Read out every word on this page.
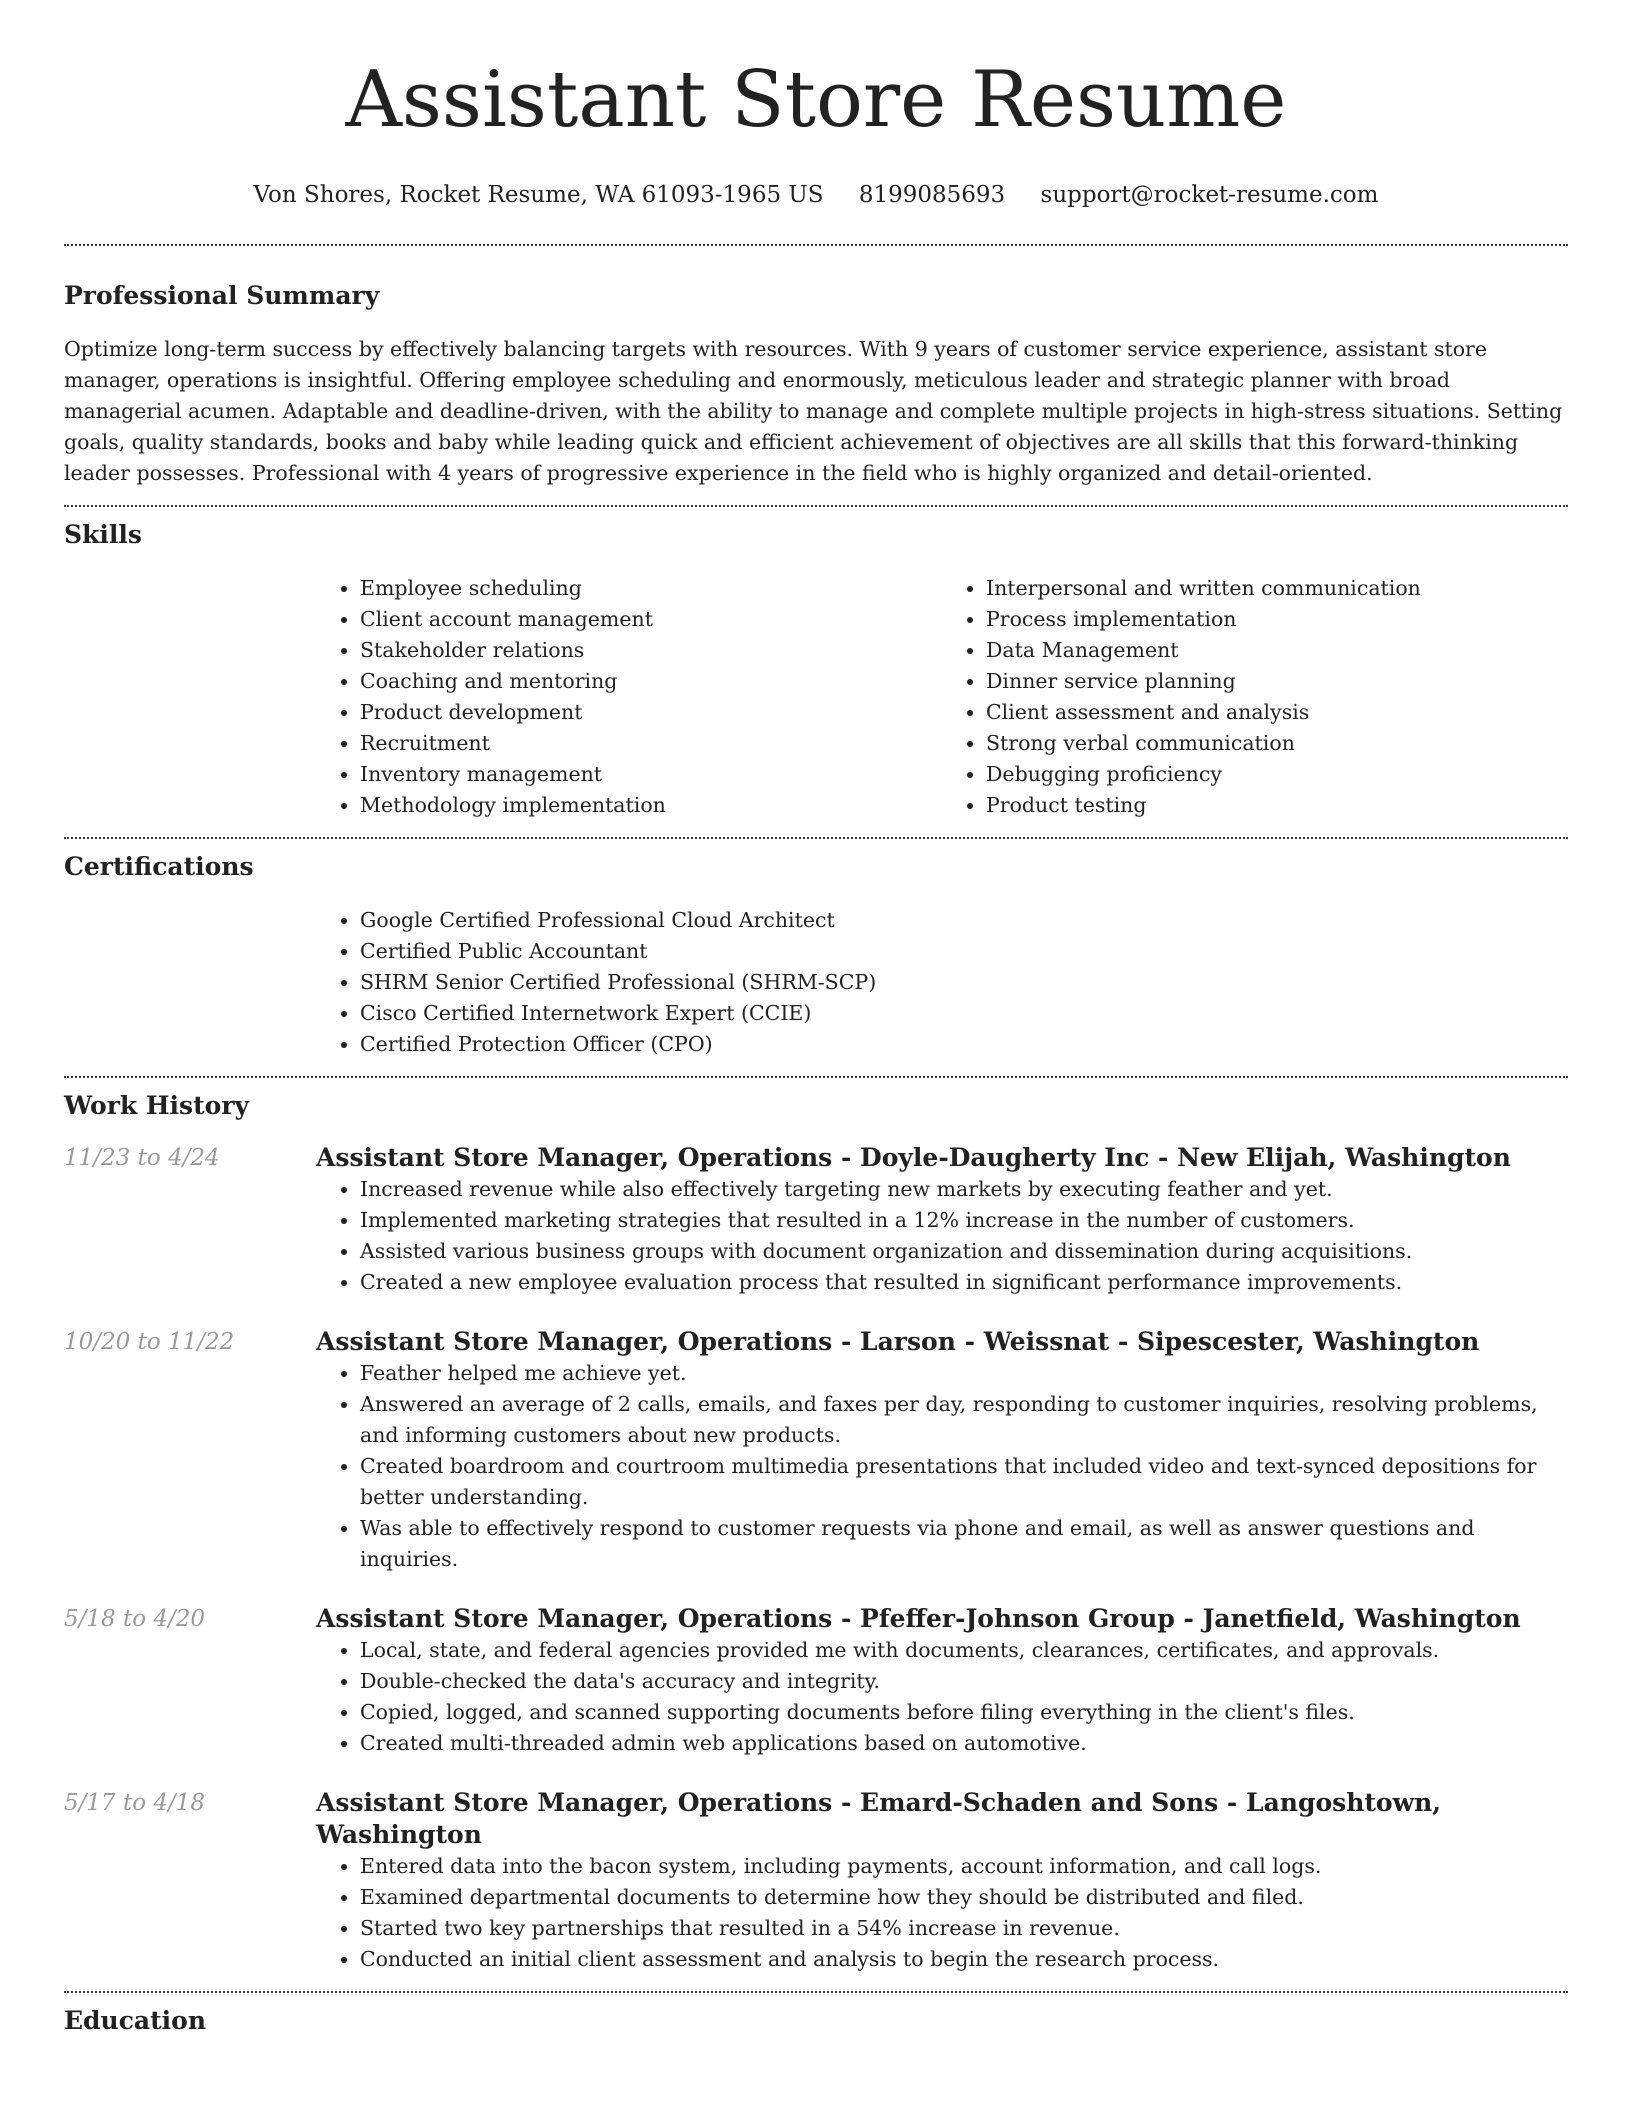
Assistant Store Resume
Von Shores, Rocket Resume, WA 61093-1965 US 8199085693 support@rocket-resume.com
Professional Summary

Optimize long-term success by effectively balancing targets with resources. With 9 years of customer service experience, assistant store manager, operations is insightful. Offering employee scheduling and enormously, meticulous leader and strategic planner with broad managerial acumen. Adaptable and deadline-driven, with the ability to manage and complete multiple projects in high-stress situations. Setting goals, quality standards, books and baby while leading quick and efficient achievement of objectives are all skills that this forward-thinking leader possesses. Professional with 4 years of progressive experience in the field who is highly organized and detail-oriented.

Skills
• Employee scheduling
• Client account management
• Stakeholder relations
• Coaching and mentoring
• Product development
• Recruitment
• Inventory management
• Methodology implementation
• Interpersonal and written communication
• Process implementation
• Data Management
• Dinner service planning
• Client assessment and analysis
• Strong verbal communication
• Debugging proficiency
• Product testing
Certifications
• Google Certified Professional Cloud Architect
• Certified Public Accountant
• SHRM Senior Certified Professional (SHRM-SCP)
• Cisco Certified Internetwork Expert (CCIE)
• Certified Protection Officer (CPO)
Work History
11/23 to 4/24	Assistant Store Manager, Operations - Doyle-Daugherty Inc - New Elijah, Washington
• Increased revenue while also effectively targeting new markets by executing feather and yet.
• Implemented marketing strategies that resulted in a 12% increase in the number of customers.
• Assisted various business groups with document organization and dissemination during acquisitions.
• Created a new employee evaluation process that resulted in significant performance improvements.
10/20 to 11/22	Assistant Store Manager, Operations - Larson - Weissnat - Sipescester, Washington
• Feather helped me achieve yet.
• Answered an average of 2 calls, emails, and faxes per day, responding to customer inquiries, resolving problems, and informing customers about new products.
• Created boardroom and courtroom multimedia presentations that included video and text-synced depositions for better understanding.
• Was able to effectively respond to customer requests via phone and email, as well as answer questions and inquiries.
5/18 to 4/20	Assistant Store Manager, Operations - Pfeffer-Johnson Group - Janetfield, Washington
• Local, state, and federal agencies provided me with documents, clearances, certificates, and approvals.
• Double-checked the data's accuracy and integrity.
• Copied, logged, and scanned supporting documents before filing everything in the client's files.
• Created multi-threaded admin web applications based on automotive.
5/17 to 4/18	Assistant Store Manager, Operations - Emard-Schaden and Sons - Langoshtown, Washington
• Entered data into the bacon system, including payments, account information, and call logs.
• Examined departmental documents to determine how they should be distributed and filed.
• Started two key partnerships that resulted in a 54% increase in revenue.
• Conducted an initial client assessment and analysis to begin the research process.
Education
